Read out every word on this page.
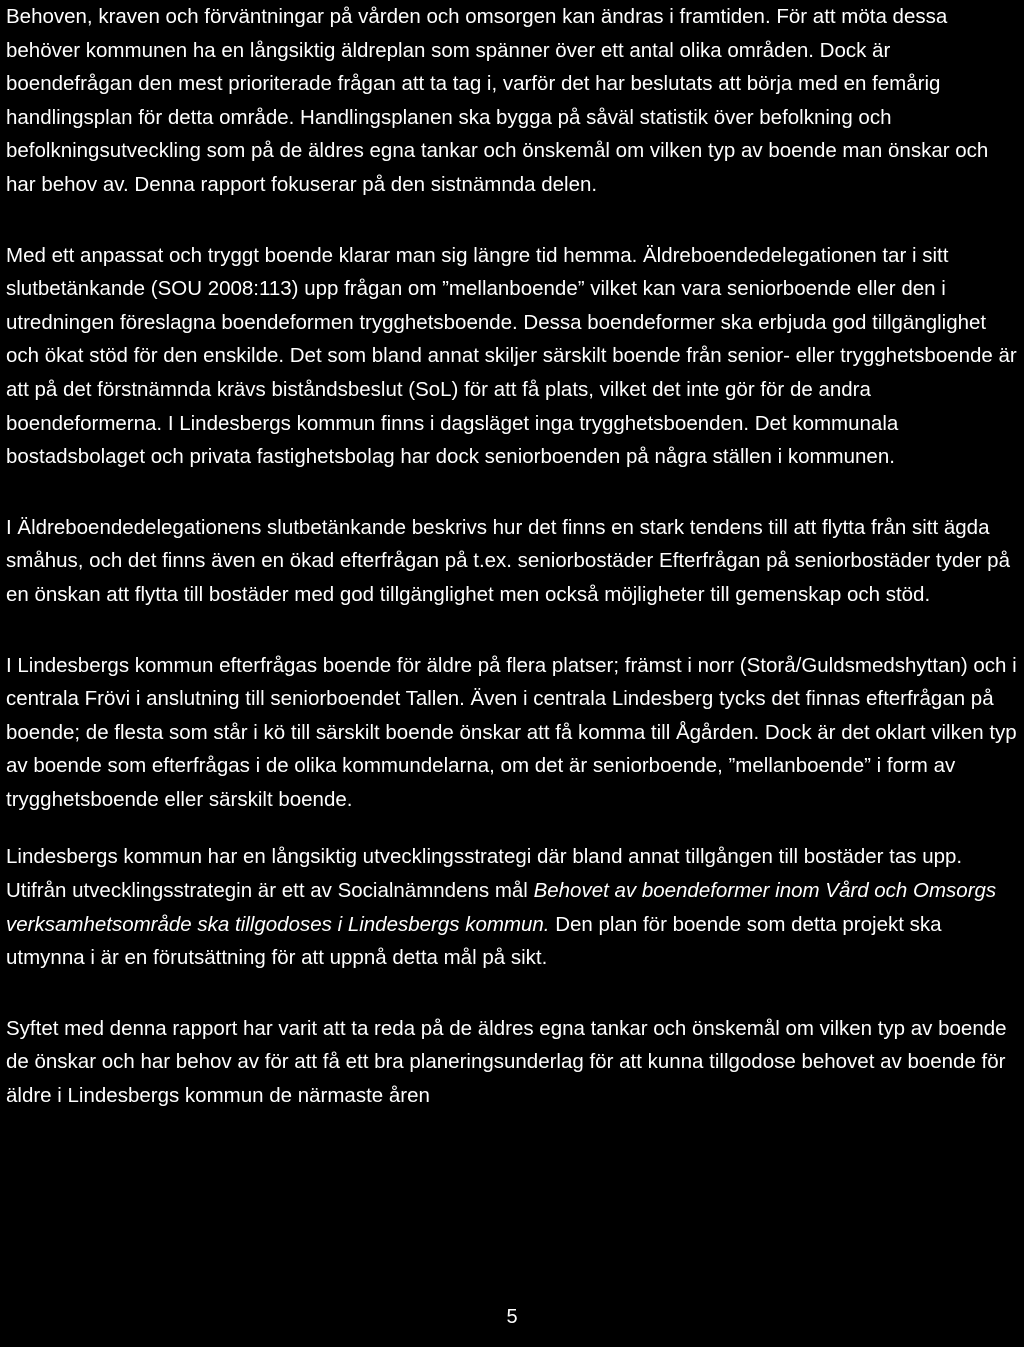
Behoven, kraven och förväntningar på vården och omsorgen kan ändras i framtiden. För att möta dessa behöver kommunen ha en långsiktig äldreplan som spänner över ett antal olika områden. Dock är boendefrågan den mest prioriterade frågan att ta tag i, varför det har beslutats att börja med en femårig handlingsplan för detta område. Handlingsplanen ska bygga på såväl statistik över befolkning och befolkningsutveckling som på de äldres egna tankar och önskemål om vilken typ av boende man önskar och har behov av. Denna rapport fokuserar på den sistnämnda delen.

Med ett anpassat och tryggt boende klarar man sig längre tid hemma. Äldreboendedelegationen tar i sitt slutbetänkande (SOU 2008:113) upp frågan om ”mellanboende” vilket kan vara seniorboende eller den i utredningen föreslagna boendeformen trygghetsboende. Dessa boendeformer ska erbjuda god tillgänglighet och ökat stöd för den enskilde. Det som bland annat skiljer särskilt boende från senior- eller trygghetsboende är att på det förstnämnda krävs biståndsbeslut (SoL) för att få plats, vilket det inte gör för de andra boendeformerna. I Lindesbergs kommun finns i dagsläget inga trygghetsboenden. Det kommunala bostadsbolaget och privata fastighetsbolag har dock seniorboenden på några ställen i kommunen.

I Äldreboendedelegationens slutbetänkande beskrivs hur det finns en stark tendens till att flytta från sitt ägda småhus, och det finns även en ökad efterfrågan på t.ex. seniorbostäder Efterfrågan på seniorbostäder tyder på en önskan att flytta till bostäder med god tillgänglighet men också möjligheter till gemenskap och stöd.

I Lindesbergs kommun efterfrågas boende för äldre på flera platser; främst i norr (Storå/Guldsmedshyttan) och i centrala Frövi i anslutning till seniorboendet Tallen. Även i centrala Lindesberg tycks det finnas efterfrågan på boende; de flesta som står i kö till särskilt boende önskar att få komma till Ågården. Dock är det oklart vilken typ av boende som efterfrågas i de olika kommundelarna, om det är seniorboende, ”mellanboende” i form av trygghetsboende eller särskilt boende.

Lindesbergs kommun har en långsiktig utvecklingsstrategi där bland annat tillgången till bostäder tas upp. Utifrån utvecklingsstrategin är ett av Socialnämndens mål Behovet av boendeformer inom Vård och Omsorgs verksamhetsområde ska tillgodoses i Lindesbergs kommun. Den plan för boende som detta projekt ska utmynna i är en förutsättning för att uppnå detta mål på sikt.

Syftet med denna rapport har varit att ta reda på de äldres egna tankar och önskemål om vilken typ av boende de önskar och har behov av för att få ett bra planeringsunderlag för att kunna tillgodose behovet av boende för äldre i Lindesbergs kommun de närmaste åren

5
